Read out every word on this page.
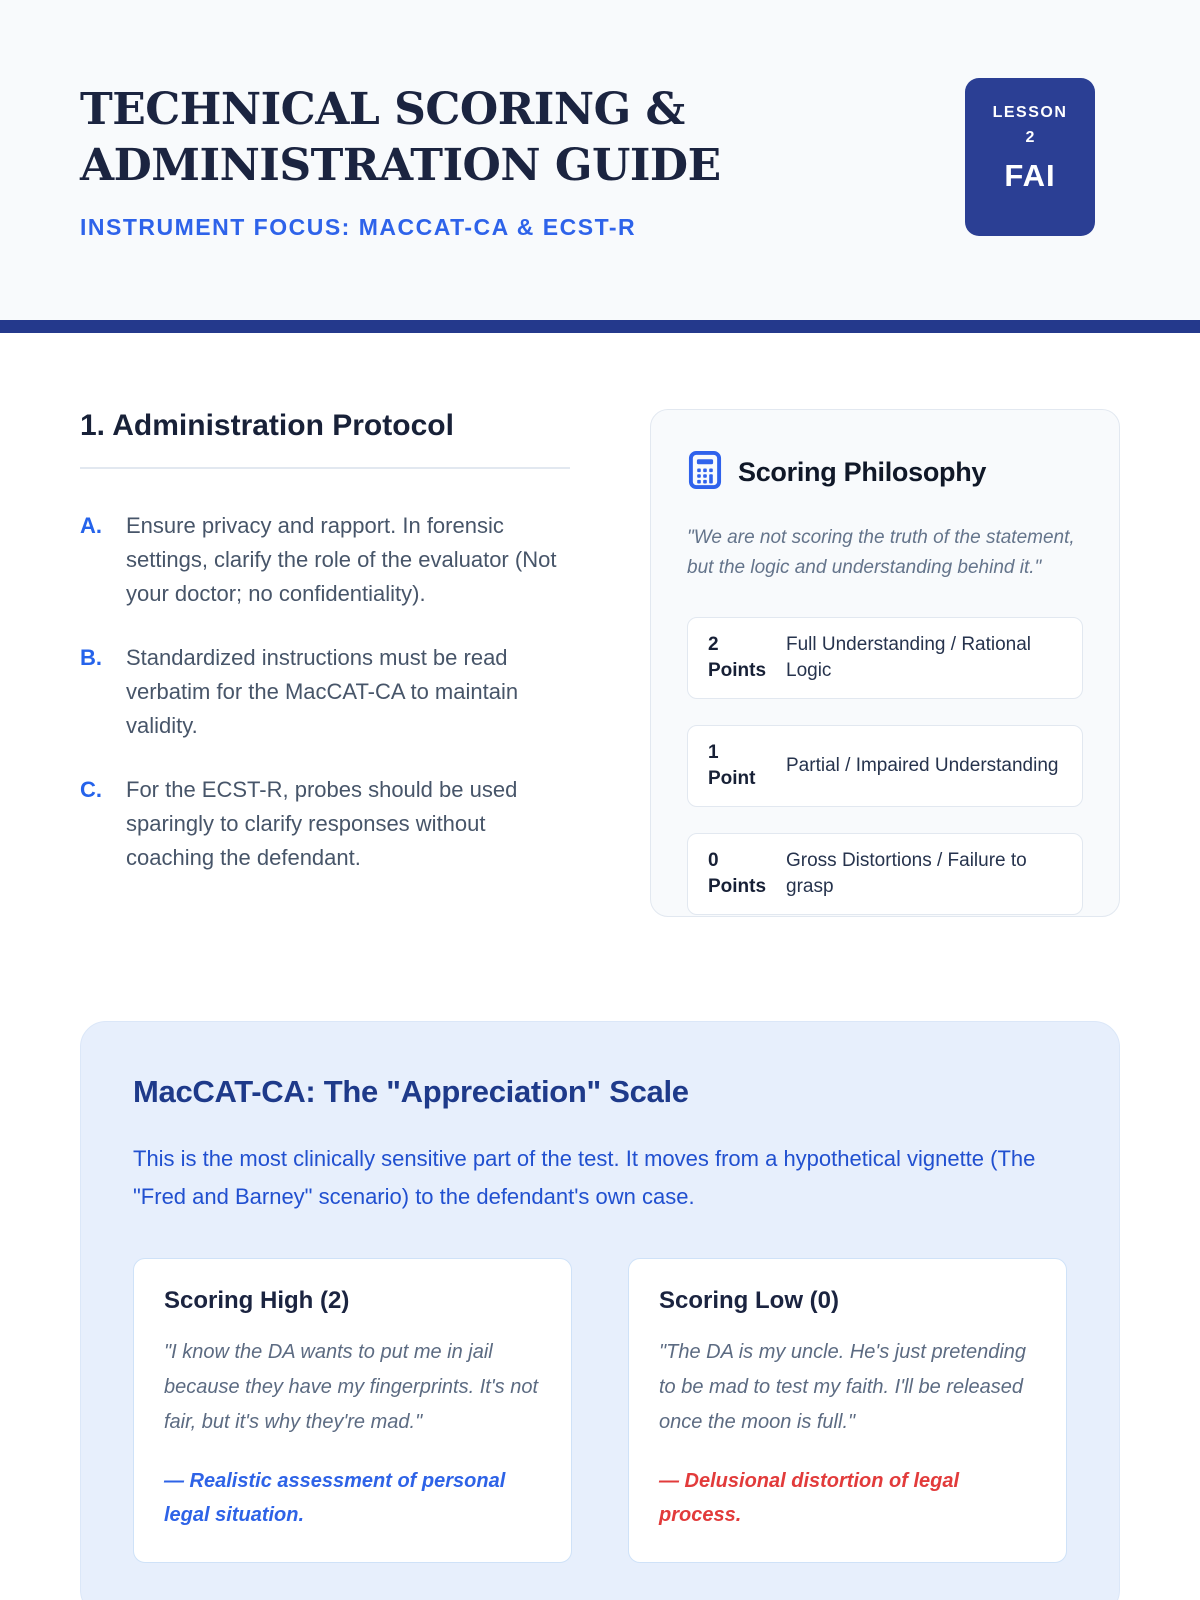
TECHNICAL SCORING &
ADMINISTRATION GUIDE
INSTRUMENT FOCUS: MACCAT-CA & ECST-R
LESSON
2
FAI
1. Administration Protocol
A.	Ensure privacy and rapport. In forensic settings, clarify the role of the evaluator (Not your doctor; no confidentiality).
B.	Standardized instructions must be read verbatim for the MacCAT-CA to maintain validity.
C.	For the ECST-R, probes should be used sparingly to clarify responses without coaching the defendant.
Scoring Philosophy
"We are not scoring the truth of the statement, but the logic and understanding behind it."
2 Points
Full Understanding / Rational Logic
1 Point
Partial / Impaired Understanding
0 Points
Gross Distortions / Failure to grasp
MacCAT-CA: The "Appreciation" Scale
This is the most clinically sensitive part of the test. It moves from a hypothetical vignette (The "Fred and Barney" scenario) to the defendant's own case.
Scoring High (2)
"I know the DA wants to put me in jail because they have my fingerprints. It's not fair, but it's why they're mad."
— Realistic assessment of personal legal situation.
Scoring Low (0)
"The DA is my uncle. He's just pretending to be mad to test my faith. I'll be released once the moon is full."
— Delusional distortion of legal process.
